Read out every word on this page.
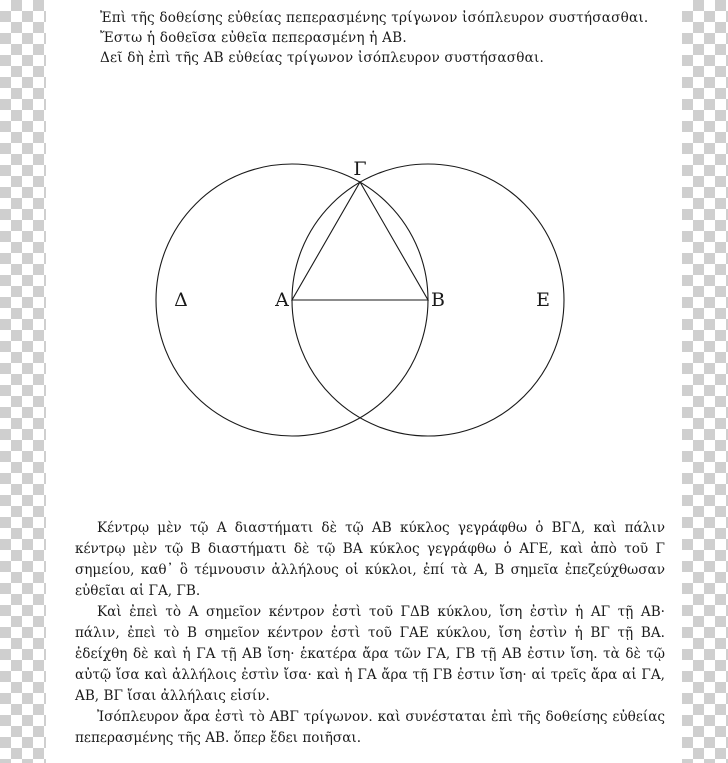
Ἐπὶ τῆς δοθείσης εὐθείας πεπερασμένης τρίγωνον ἰσόπλευρον συστήσασθαι.

Ἔστω ἡ δοθεῖσα εὐθεῖα πεπερασμένη ἡ ΑΒ.

Δεῖ δὴ ἐπὶ τῆς ΑΒ εὐθείας τρίγωνον ἰσόπλευρον συστήσασθαι.

Γ
Α	Β
Δ	Ε

Κέντρῳ μὲν τῷ Α διαστήματι δὲ τῷ ΑΒ κύκλος γεγράφθω ὁ ΒΓΔ, καὶ πάλιν κέντρῳ μὲν τῷ Β διαστήματι δὲ τῷ ΒΑ κύκλος γεγράφθω ὁ ΑΓΕ, καὶ ἀπὸ τοῦ Γ σημείου, καθ᾽ ὃ τέμνουσιν ἀλλήλους οἱ κύκλοι, ἐπί τὰ Α, Β σημεῖα ἐπεζεύχθωσαν εὐθεῖαι αἱ ΓΑ, ΓΒ.

Καὶ ἐπεὶ τὸ Α σημεῖον κέντρον ἐστὶ τοῦ ΓΔΒ κύκλου, ἴση ἐστὶν ἡ ΑΓ τῇ ΑΒ· πάλιν, ἐπεὶ τὸ Β σημεῖον κέντρον ἐστὶ τοῦ ΓΑΕ κύκλου, ἴση ἐστὶν ἡ ΒΓ τῇ ΒΑ. ἐδείχθη δὲ καὶ ἡ ΓΑ τῇ ΑΒ ἴση· ἑκατέρα ἄρα τῶν ΓΑ, ΓΒ τῇ ΑΒ ἐστιν ἴση. τὰ δὲ τῷ αὐτῷ ἴσα καὶ ἀλλήλοις ἐστὶν ἴσα· καὶ ἡ ΓΑ ἄρα τῇ ΓΒ ἐστιν ἴση· αἱ τρεῖς ἄρα αἱ ΓΑ, ΑΒ, ΒΓ ἴσαι ἀλλήλαις εἰσίν.

Ἰσόπλευρον ἄρα ἐστὶ τὸ ΑΒΓ τρίγωνον. καὶ συνέσταται ἐπὶ τῆς δοθείσης εὐθείας πεπερασμένης τῆς ΑΒ. ὅπερ ἔδει ποιῆσαι.
